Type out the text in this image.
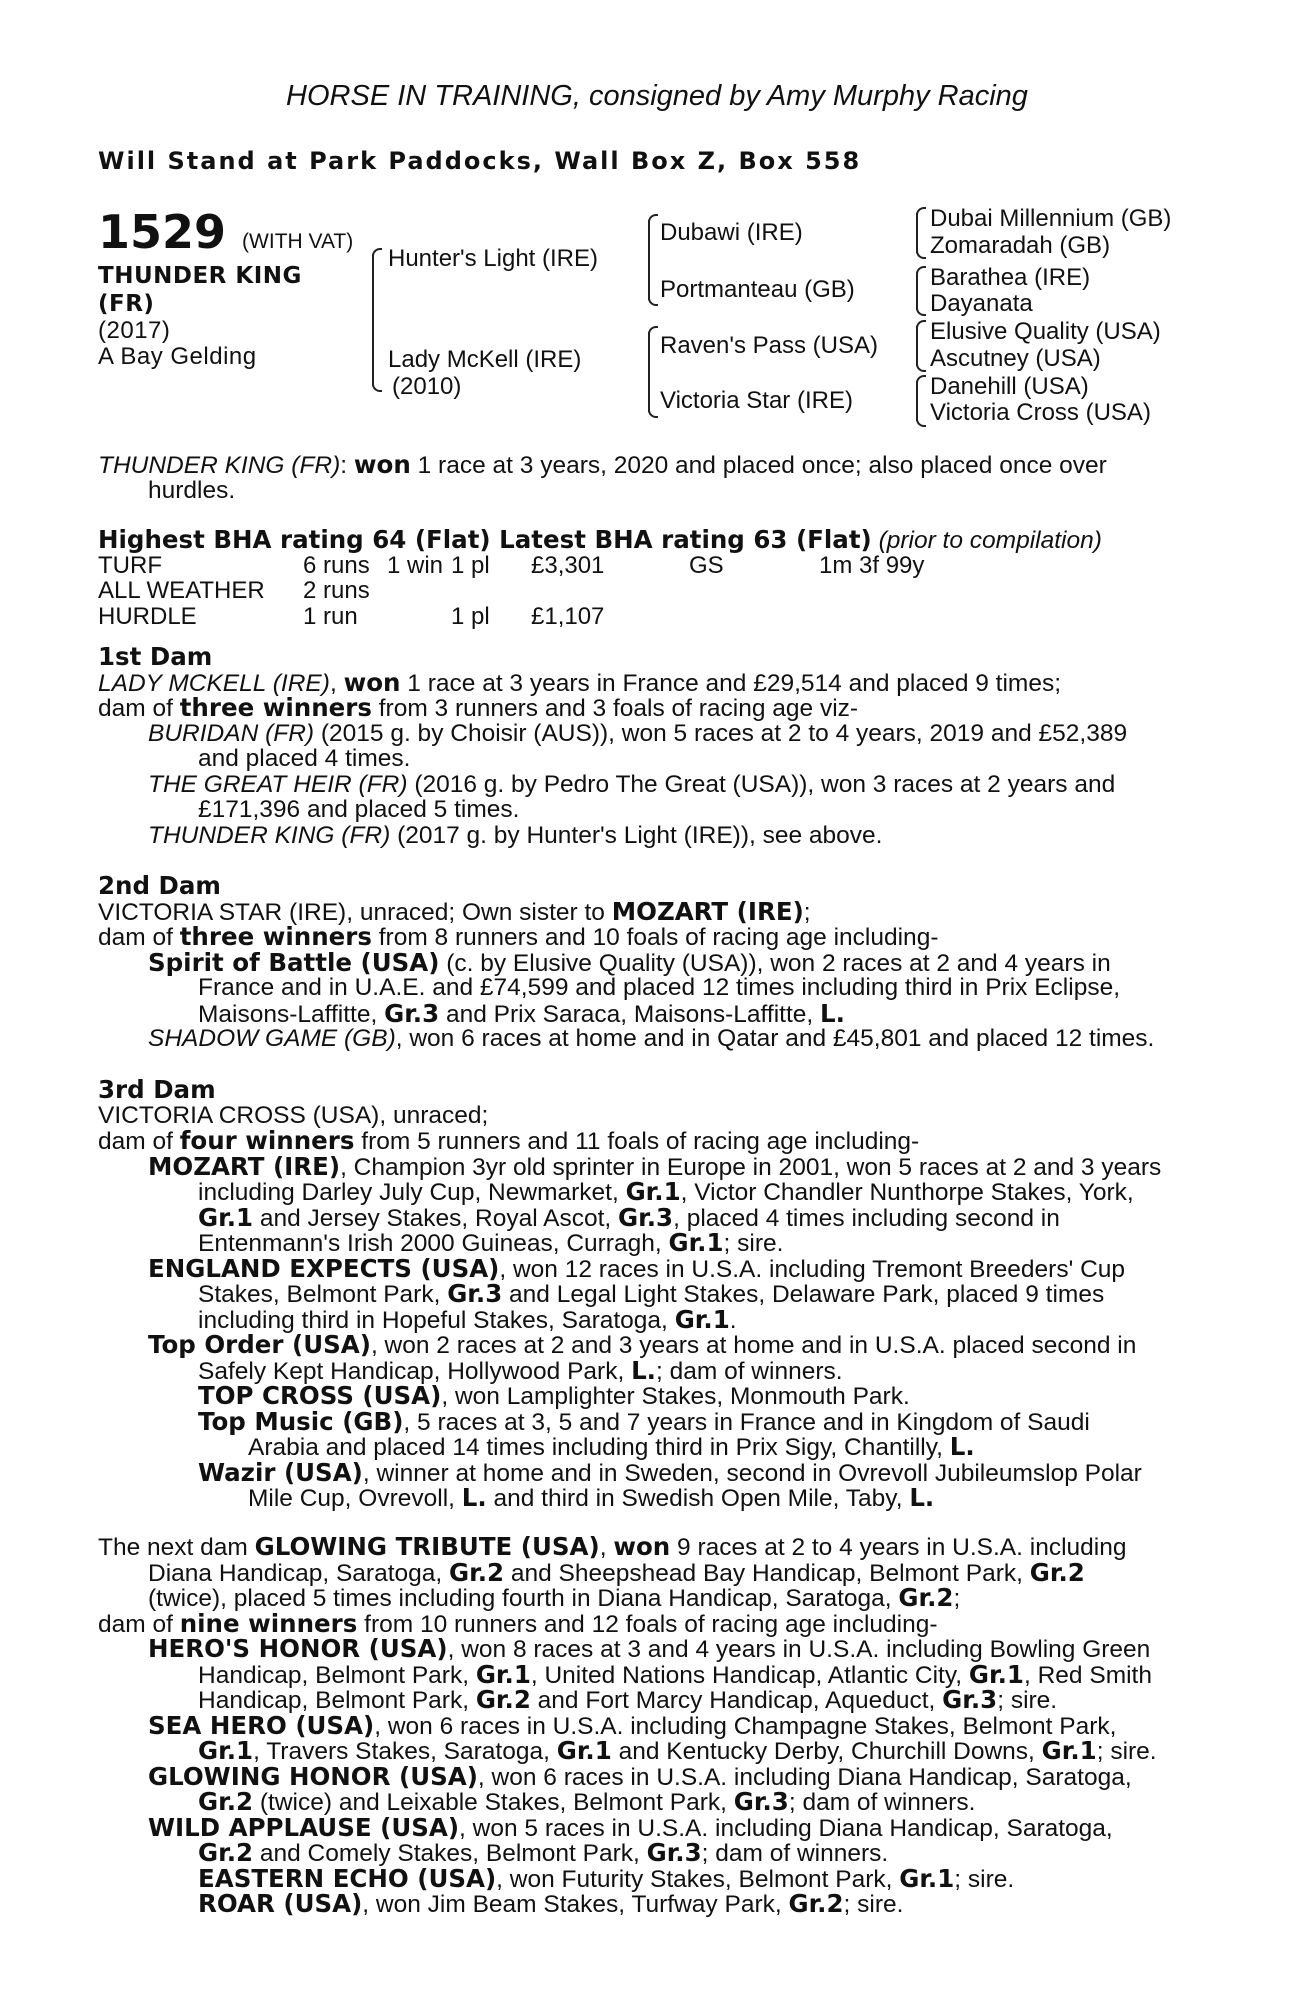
HORSE IN TRAINING, consigned by Amy Murphy Racing
Will Stand at Park Paddocks, Wall Box Z, Box 558
1529 (WITH VAT)
THUNDER KING
(FR)
(2017)
A Bay Gelding
Hunter's Light (IRE)
Lady McKell (IRE)
(2010)
Dubawi (IRE)
Portmanteau (GB)
Raven's Pass (USA)
Victoria Star (IRE)
Dubai Millennium (GB)
Zomaradah (GB)
Barathea (IRE)
Dayanata
Elusive Quality (USA)
Ascutney (USA)
Danehill (USA)
Victoria Cross (USA)
THUNDER KING (FR): won 1 race at 3 years, 2020 and placed once; also placed once over
hurdles.
Highest BHA rating 64 (Flat) Latest BHA rating 63 (Flat) (prior to compilation)
TURF	6 runs	1 win	1 pl	£3,301	GS	1m 3f 99y
ALL WEATHER	2 runs					
HURDLE	1 run		1 pl	£1,107		
1st Dam
LADY MCKELL (IRE), won 1 race at 3 years in France and £29,514 and placed 9 times;
dam of three winners from 3 runners and 3 foals of racing age viz-
BURIDAN (FR) (2015 g. by Choisir (AUS)), won 5 races at 2 to 4 years, 2019 and £52,389
and placed 4 times.
THE GREAT HEIR (FR) (2016 g. by Pedro The Great (USA)), won 3 races at 2 years and
£171,396 and placed 5 times.
THUNDER KING (FR) (2017 g. by Hunter's Light (IRE)), see above.
2nd Dam
VICTORIA STAR (IRE), unraced; Own sister to MOZART (IRE);
dam of three winners from 8 runners and 10 foals of racing age including-
Spirit of Battle (USA) (c. by Elusive Quality (USA)), won 2 races at 2 and 4 years in
France and in U.A.E. and £74,599 and placed 12 times including third in Prix Eclipse,
Maisons-Laffitte, Gr.3 and Prix Saraca, Maisons-Laffitte, L.
SHADOW GAME (GB), won 6 races at home and in Qatar and £45,801 and placed 12 times.
3rd Dam
VICTORIA CROSS (USA), unraced;
dam of four winners from 5 runners and 11 foals of racing age including-
MOZART (IRE), Champion 3yr old sprinter in Europe in 2001, won 5 races at 2 and 3 years
including Darley July Cup, Newmarket, Gr.1, Victor Chandler Nunthorpe Stakes, York,
Gr.1 and Jersey Stakes, Royal Ascot, Gr.3, placed 4 times including second in
Entenmann's Irish 2000 Guineas, Curragh, Gr.1; sire.
ENGLAND EXPECTS (USA), won 12 races in U.S.A. including Tremont Breeders' Cup
Stakes, Belmont Park, Gr.3 and Legal Light Stakes, Delaware Park, placed 9 times
including third in Hopeful Stakes, Saratoga, Gr.1.
Top Order (USA), won 2 races at 2 and 3 years at home and in U.S.A. placed second in
Safely Kept Handicap, Hollywood Park, L.; dam of winners.
TOP CROSS (USA), won Lamplighter Stakes, Monmouth Park.
Top Music (GB), 5 races at 3, 5 and 7 years in France and in Kingdom of Saudi
Arabia and placed 14 times including third in Prix Sigy, Chantilly, L.
Wazir (USA), winner at home and in Sweden, second in Ovrevoll Jubileumslop Polar
Mile Cup, Ovrevoll, L. and third in Swedish Open Mile, Taby, L.
The next dam GLOWING TRIBUTE (USA), won 9 races at 2 to 4 years in U.S.A. including
Diana Handicap, Saratoga, Gr.2 and Sheepshead Bay Handicap, Belmont Park, Gr.2
(twice), placed 5 times including fourth in Diana Handicap, Saratoga, Gr.2;
dam of nine winners from 10 runners and 12 foals of racing age including-
HERO'S HONOR (USA), won 8 races at 3 and 4 years in U.S.A. including Bowling Green
Handicap, Belmont Park, Gr.1, United Nations Handicap, Atlantic City, Gr.1, Red Smith
Handicap, Belmont Park, Gr.2 and Fort Marcy Handicap, Aqueduct, Gr.3; sire.
SEA HERO (USA), won 6 races in U.S.A. including Champagne Stakes, Belmont Park,
Gr.1, Travers Stakes, Saratoga, Gr.1 and Kentucky Derby, Churchill Downs, Gr.1; sire.
GLOWING HONOR (USA), won 6 races in U.S.A. including Diana Handicap, Saratoga,
Gr.2 (twice) and Leixable Stakes, Belmont Park, Gr.3; dam of winners.
WILD APPLAUSE (USA), won 5 races in U.S.A. including Diana Handicap, Saratoga,
Gr.2 and Comely Stakes, Belmont Park, Gr.3; dam of winners.
EASTERN ECHO (USA), won Futurity Stakes, Belmont Park, Gr.1; sire.
ROAR (USA), won Jim Beam Stakes, Turfway Park, Gr.2; sire.
